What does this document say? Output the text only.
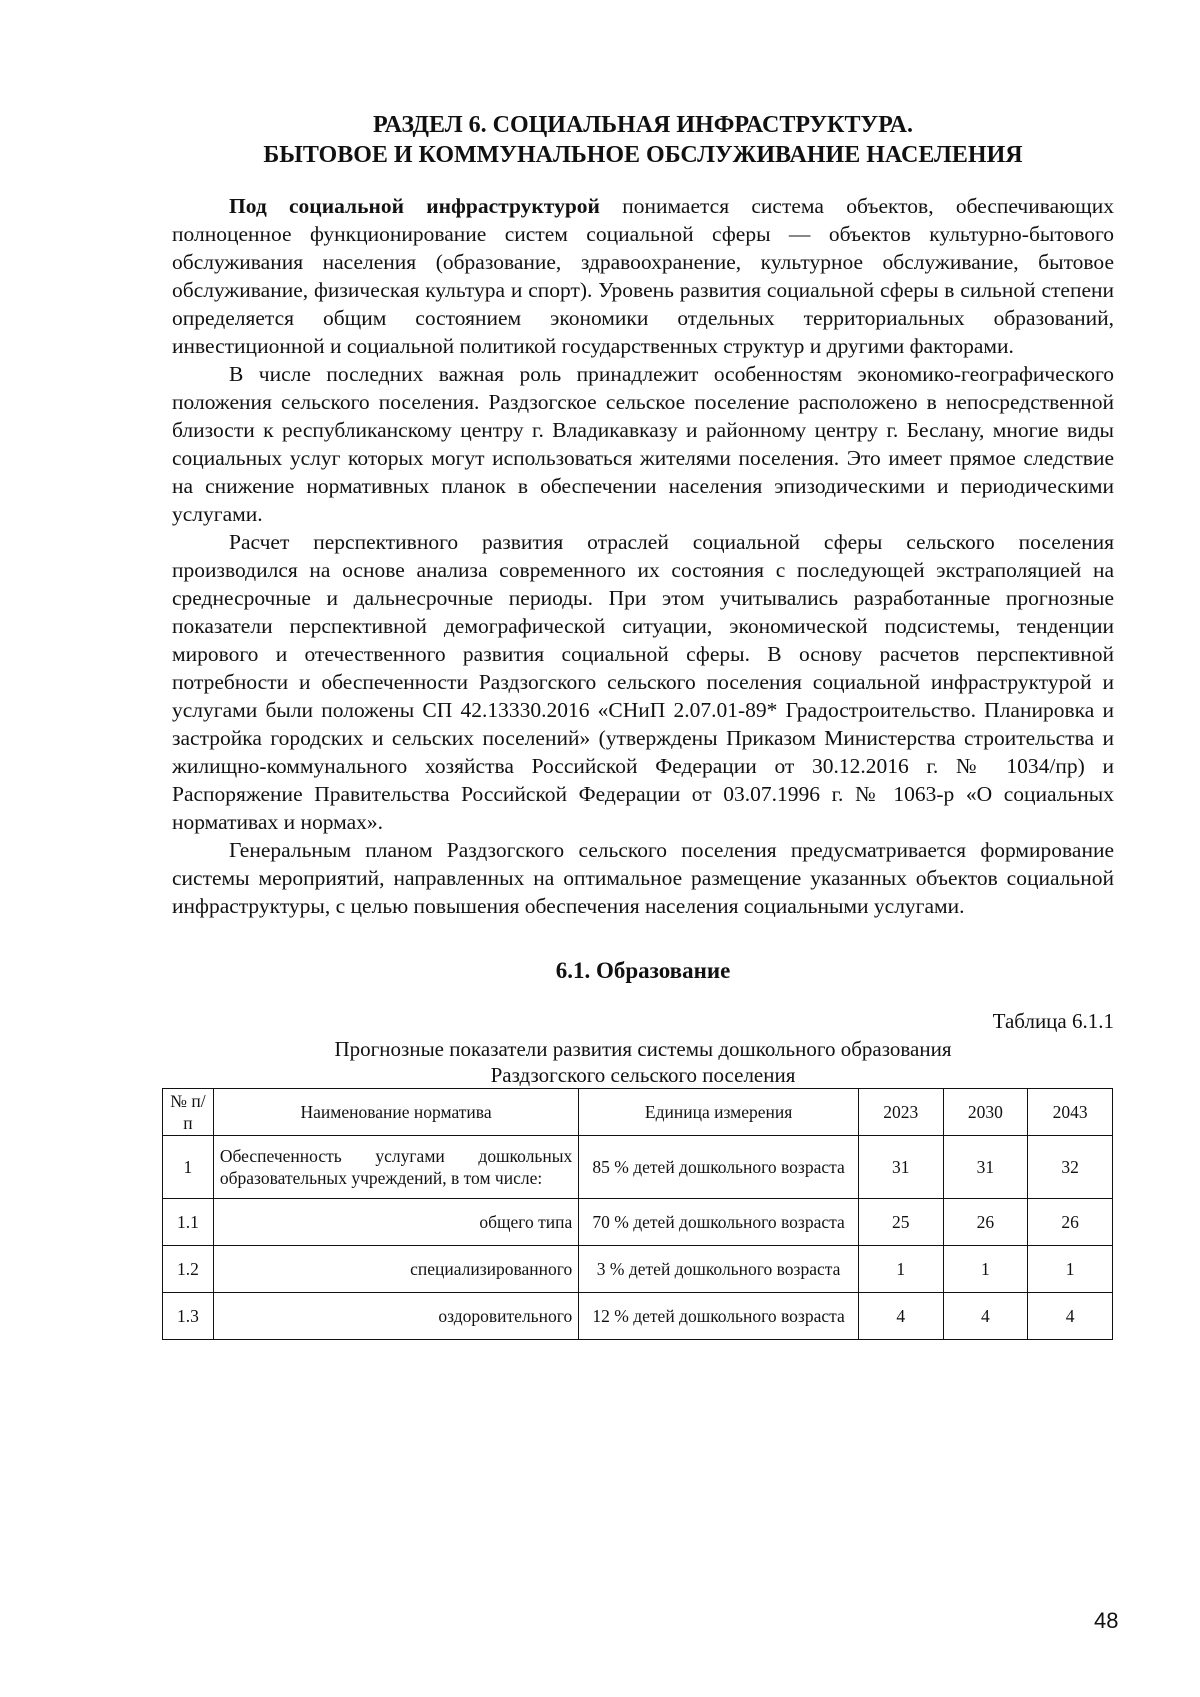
РАЗДЕЛ 6. СОЦИАЛЬНАЯ ИНФРАСТРУКТУРА.
БЫТОВОЕ И КОММУНАЛЬНОЕ ОБСЛУЖИВАНИЕ НАСЕЛЕНИЯ

Под социальной инфраструктурой понимается система объектов, обеспечивающих полноценное функционирование систем социальной сферы — объектов культурно-бытового обслуживания населения (образование, здравоохранение, культурное обслуживание, бытовое обслуживание, физическая культура и спорт). Уровень развития социальной сферы в сильной степени определяется общим состоянием экономики отдельных территориальных образований, инвестиционной и социальной политикой государственных структур и другими факторами.

В числе последних важная роль принадлежит особенностям экономико-географического положения сельского поселения. Раздзогское сельское поселение расположено в непосредственной близости к республиканскому центру г. Владикавказу и районному центру г. Беслану, многие виды социальных услуг которых могут использоваться жителями поселения. Это имеет прямое следствие на снижение нормативных планок в обеспечении населения эпизодическими и периодическими услугами.

Расчет перспективного развития отраслей социальной сферы сельского поселения производился на основе анализа современного их состояния с последующей экстраполяцией на среднесрочные и дальнесрочные периоды. При этом учитывались разработанные прогнозные показатели перспективной демографической ситуации, экономической подсистемы, тенденции мирового и отечественного развития социальной сферы. В основу расчетов перспективной потребности и обеспеченности Раздзогского сельского поселения социальной инфраструктурой и услугами были положены СП 42.13330.2016 «СНиП 2.07.01-89* Градостроительство. Планировка и застройка городских и сельских поселений» (утверждены Приказом Министерства строительства и жилищно-коммунального хозяйства Российской Федерации от 30.12.2016 г. № 1034/пр) и Распоряжение Правительства Российской Федерации от 03.07.1996 г. № 1063-р «О социальных нормативах и нормах».

Генеральным планом Раздзогского сельского поселения предусматривается формирование системы мероприятий, направленных на оптимальное размещение указанных объектов социальной инфраструктуры, с целью повышения обеспечения населения социальными услугами.

6.1. Образование
Таблица 6.1.1
Прогнозные показатели развития системы дошкольного образования
Раздзогского сельского поселения
№ п/п	Наименование норматива	Единица измерения	2023	2030	2043
1	Обеспеченность услугами дошкольных образовательных учреждений, в том числе:	85 % детей дошкольного возраста	31	31	32
1.1	общего типа	70 % детей дошкольного возраста	25	26	26
1.2	специализированного	3 % детей дошкольного возраста	1	1	1
1.3	оздоровительного	12 % детей дошкольного возраста	4	4	4
48
